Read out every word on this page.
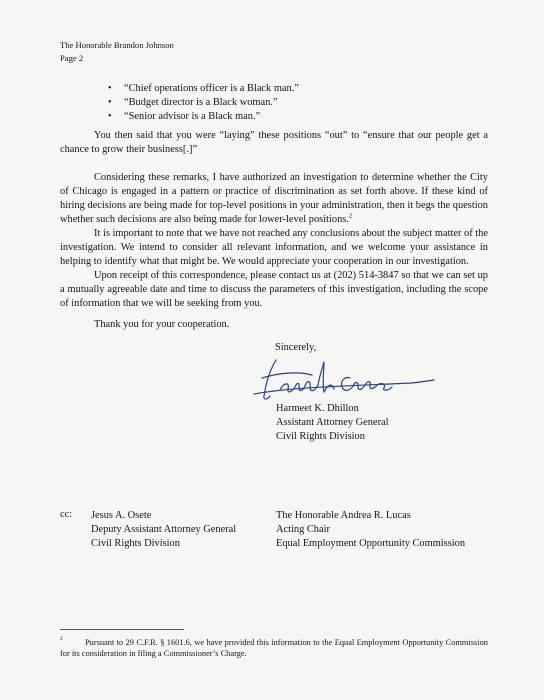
The Honorable Brandon Johnson
Page 2
• “Chief operations officer is a Black man.”
• “Budget director is a Black woman.”
• “Senior advisor is a Black man.”

You then said that you were “laying” these positions “out” to “ensure that our people get a chance to grow their business[.]”

Considering these remarks, I have authorized an investigation to determine whether the City of Chicago is engaged in a pattern or practice of discrimination as set forth above. If these kind of hiring decisions are being made for top-level positions in your administration, then it begs the question whether such decisions are also being made for lower-level positions.$^2$

It is important to note that we have not reached any conclusions about the subject matter of the investigation. We intend to consider all relevant information, and we welcome your assistance in helping to identify what that might be. We would appreciate your cooperation in our investigation.

Upon receipt of this correspondence, please contact us at (202) 514-3847 so that we can set up a mutually agreeable date and time to discuss the parameters of this investigation, including the scope of information that we will be seeking from you.

Thank you for your cooperation.

Sincerely,
Harmeet K. Dhillon
Assistant Attorney General
Civil Rights Division
cc: Jesus A. Osete
Deputy Assistant Attorney General
Civil Rights Division
The Honorable Andrea R. Lucas
Acting Chair
Equal Employment Opportunity Commission
2	Pursuant to 29 C.F.R. § 1601.6, we have provided this information to the Equal Employment Opportunity Commission for its consideration in filing a Commissioner’s Charge.
